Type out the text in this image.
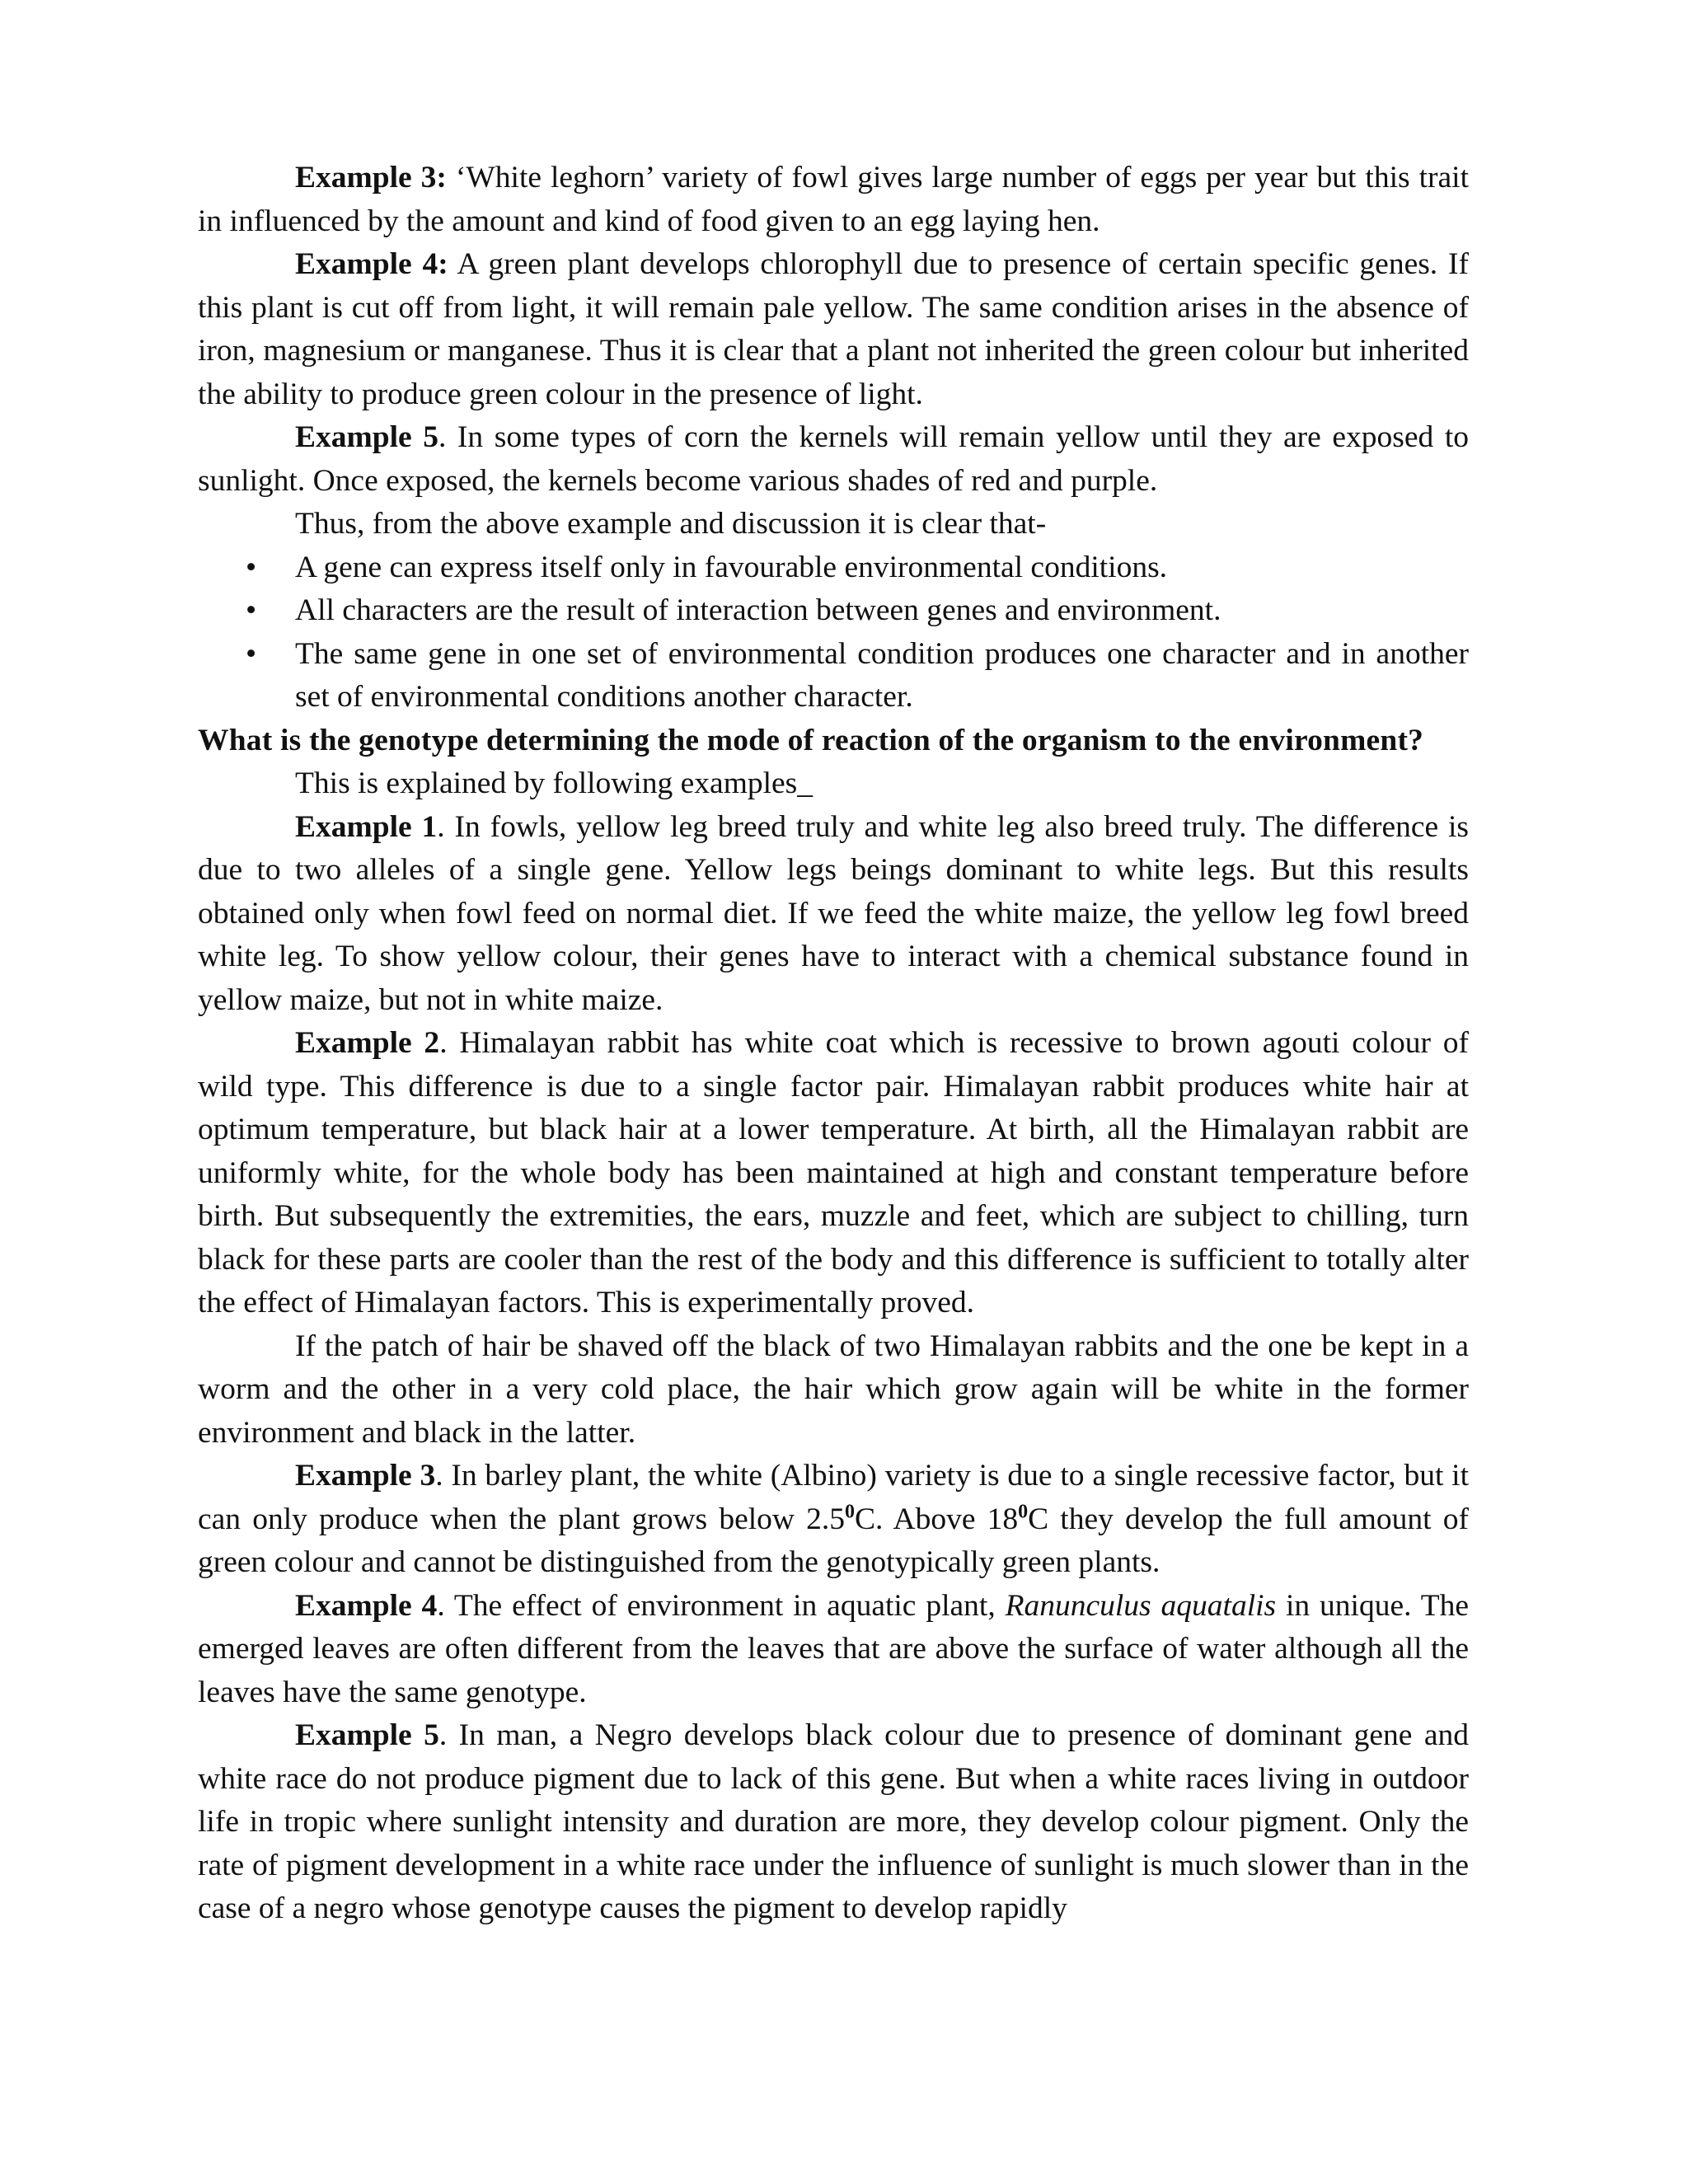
Example 3: ‘White leghorn’ variety of fowl gives large number of eggs per year but this trait in influenced by the amount and kind of food given to an egg laying hen.

Example 4: A green plant develops chlorophyll due to presence of certain specific genes. If this plant is cut off from light, it will remain pale yellow. The same condition arises in the absence of iron, magnesium or manganese. Thus it is clear that a plant not inherited the green colour but inherited the ability to produce green colour in the presence of light.

Example 5. In some types of corn the kernels will remain yellow until they are exposed to sunlight. Once exposed, the kernels become various shades of red and purple.

Thus, from the above example and discussion it is clear that-

• A gene can express itself only in favourable environmental conditions.
• All characters are the result of interaction between genes and environment.
• The same gene in one set of environmental condition produces one character and in another set of environmental conditions another character.

What is the genotype determining the mode of reaction of the organism to the environment?

This is explained by following examples_

Example 1. In fowls, yellow leg breed truly and white leg also breed truly. The difference is due to two alleles of a single gene. Yellow legs beings dominant to white legs. But this results obtained only when fowl feed on normal diet. If we feed the white maize, the yellow leg fowl breed white leg. To show yellow colour, their genes have to interact with a chemical substance found in yellow maize, but not in white maize.

Example 2. Himalayan rabbit has white coat which is recessive to brown agouti colour of wild type. This difference is due to a single factor pair. Himalayan rabbit produces white hair at optimum temperature, but black hair at a lower temperature. At birth, all the Himalayan rabbit are uniformly white, for the whole body has been maintained at high and constant temperature before birth. But subsequently the extremities, the ears, muzzle and feet, which are subject to chilling, turn black for these parts are cooler than the rest of the body and this difference is sufficient to totally alter the effect of Himalayan factors. This is experimentally proved.

If the patch of hair be shaved off the black of two Himalayan rabbits and the one be kept in a worm and the other in a very cold place, the hair which grow again will be white in the former environment and black in the latter.

Example 3. In barley plant, the white (Albino) variety is due to a single recessive factor, but it can only produce when the plant grows below $2.5^0C$. Above $18^0C$ they develop the full amount of green colour and cannot be distinguished from the genotypically green plants.

Example 4. The effect of environment in aquatic plant, Ranunculus aquatalis in unique. The emerged leaves are often different from the leaves that are above the surface of water although all the leaves have the same genotype.

Example 5. In man, a Negro develops black colour due to presence of dominant gene and white race do not produce pigment due to lack of this gene. But when a white races living in outdoor life in tropic where sunlight intensity and duration are more, they develop colour pigment. Only the rate of pigment development in a white race under the influence of sunlight is much slower than in the case of a negro whose genotype causes the pigment to develop rapidly
